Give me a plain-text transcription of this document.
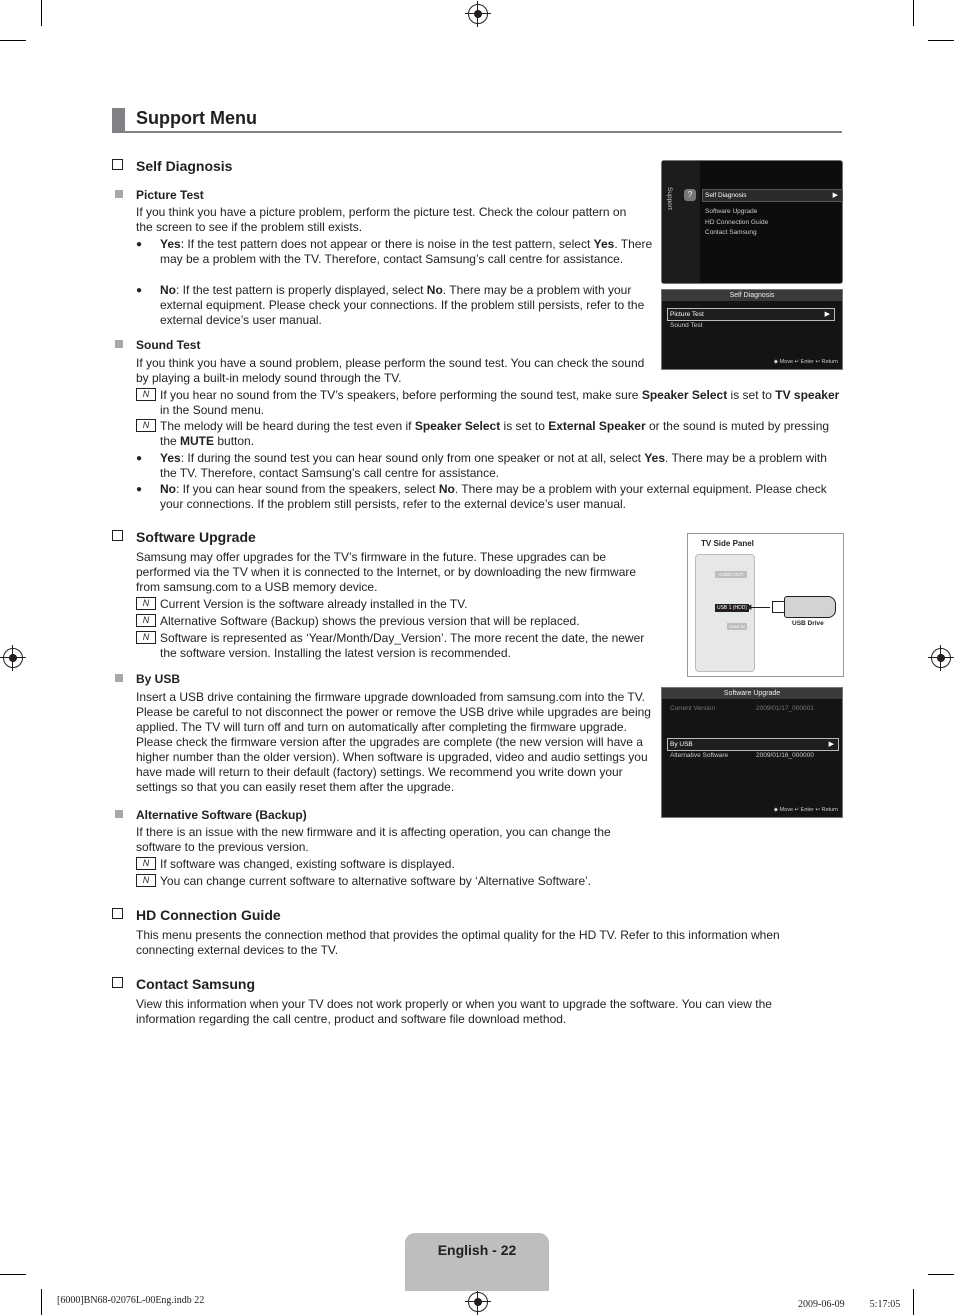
Support Menu
Self Diagnosis
Picture Test
If you think you have a picture problem, perform the picture test. Check the colour pattern on the screen to see if the problem still exists.
●	Yes: If the test pattern does not appear or there is noise in the test pattern, select Yes. There may be a problem with the TV. Therefore, contact Samsung’s call centre for assistance.
●	No: If the test pattern is properly displayed, select No. There may be a problem with your external equipment. Please check your connections. If the problem still persists, refer to the external device’s user manual.
Sound Test
If you think you have a sound problem, please perform the sound test. You can check the sound by playing a built-in melody sound through the TV.
N If you hear no sound from the TV’s speakers, before performing the sound test, make sure Speaker Select is set to TV speaker in the Sound menu.
N The melody will be heard during the test even if Speaker Select is set to External Speaker or the sound is muted by pressing the MUTE button.
●	Yes: If during the sound test you can hear sound only from one speaker or not at all, select Yes. There may be a problem with the TV. Therefore, contact Samsung’s call centre for assistance.
●	No: If you can hear sound from the speakers, select No. There may be a problem with your external equipment. Please check your connections. If the problem still persists, refer to the external device’s user manual.
Support	?	Self Diagnosis	▶
Software Upgrade
HD Connection Guide
Contact Samsung
Self Diagnosis
Picture Test	▶
Sound Test
◆ Move ↵ Enter ↩ Return
Software Upgrade
Samsung may offer upgrades for the TV’s firmware in the future. These upgrades can be performed via the TV when it is connected to the Internet, or by downloading the new firmware from samsung.com to a USB memory device.
N Current Version is the software already installed in the TV.
N Alternative Software (Backup) shows the previous version that will be replaced.
N Software is represented as ‘Year/Month/Day_Version’. The more recent the date, the newer the software version. Installing the latest version is recommended.
TV Side Panel
AUDIO OUT
USB 1 (HDD)
HDMI IN
◀
USB Drive
By USB
Insert a USB drive containing the firmware upgrade downloaded from samsung.com into the TV. Please be careful to not disconnect the power or remove the USB drive while upgrades are being applied. The TV will turn off and turn on automatically after completing the firmware upgrade. Please check the firmware version after the upgrades are complete (the new version will have a higher number than the older version). When software is upgraded, video and audio settings you have made will return to their default (factory) settings. We recommend you write down your settings so that you can easily reset them after the upgrade.
Software Upgrade
Current Version	2009/01/17_000001
By USB	▶
Alternative Software	2009/01/16_000000
◆ Move ↵ Enter ↩ Return
Alternative Software (Backup)
If there is an issue with the new firmware and it is affecting operation, you can change the software to the previous version.
N If software was changed, existing software is displayed.
N You can change current software to alternative software by ‘Alternative Software’.
HD Connection Guide
This menu presents the connection method that provides the optimal quality for the HD TV. Refer to this information when connecting external devices to the TV.
Contact Samsung
View this information when your TV does not work properly or when you want to upgrade the software. You can view the information regarding the call centre, product and software file download method.
English - 22
[6000]BN68-02076L-00Eng.indb 22	2009-06-09 　　 5:17:05
